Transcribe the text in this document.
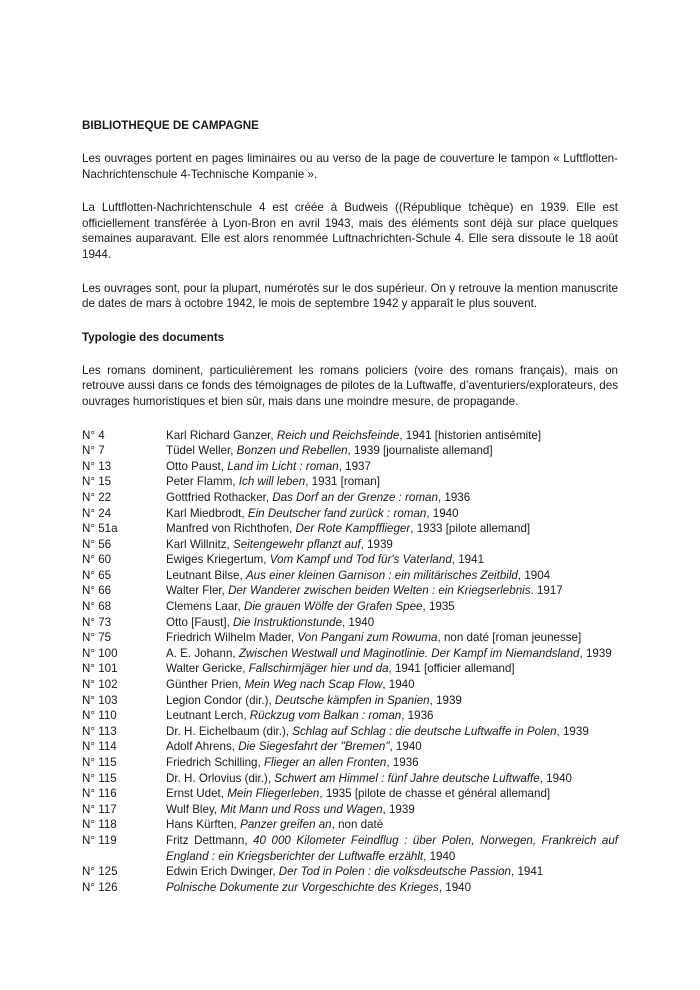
BIBLIOTHEQUE DE CAMPAGNE

Les ouvrages portent en pages liminaires ou au verso de la page de couverture le tampon « Luftflotten-Nachrichtenschule 4-Technische Kompanie ».

La Luftflotten-Nachrichtenschule 4 est créée à Budweis ((République tchèque) en 1939. Elle est officiellement transférée à Lyon-Bron en avril 1943, mais des éléments sont déjà sur place quelques semaines auparavant. Elle est alors renommée Luftnachrichten-Schule 4. Elle sera dissoute le 18 août 1944.

Les ouvrages sont, pour la plupart, numérotés sur le dos supérieur. On y retrouve la mention manuscrite de dates de mars à octobre 1942, le mois de septembre 1942 y apparaît le plus souvent.

Typologie des documents

Les romans dominent, particulièrement les romans policiers (voire des romans français), mais on retrouve aussi dans ce fonds des témoignages de pilotes de la Luftwaffe, d’aventuriers/explorateurs, des ouvrages humoristiques et bien sûr, mais dans une moindre mesure, de propagande.

N° 4	Karl Richard Ganzer, Reich und Reichsfeinde, 1941 [historien antisémite]
N° 7	Tüdel Weller, Bonzen und Rebellen, 1939 [journaliste allemand]
N° 13	Otto Paust, Land im Licht : roman, 1937
N° 15	Peter Flamm, Ich will leben, 1931 [roman]
N° 22	Gottfried Rothacker, Das Dorf an der Grenze : roman, 1936
N° 24	Karl Miedbrodt, Ein Deutscher fand zurück : roman, 1940
N° 51a	Manfred von Richthofen, Der Rote Kampfflieger, 1933 [pilote allemand]
N° 56	Karl Willnitz, Seitengewehr pflanzt auf, 1939
N° 60	Ewiges Kriegertum, Vom Kampf und Tod für's Vaterland, 1941
N° 65	Leutnant Bilse, Aus einer kleinen Garnison : ein militärisches Zeitbild, 1904
N° 66	Walter Fler, Der Wanderer zwischen beiden Welten : ein Kriegserlebnis. 1917
N° 68	Clemens Laar, Die grauen Wölfe der Grafen Spee, 1935
N° 73	Otto [Faust], Die Instruktionstunde, 1940
N° 75	Friedrich Wilhelm Mader, Von Pangani zum Rowuma, non daté [roman jeunesse]
N° 100	A. E. Johann, Zwischen Westwall und Maginotlinie. Der Kampf im Niemandsland, 1939
N° 101	Walter Gericke, Fallschirmjäger hier und da, 1941 [officier allemand]
N° 102	Günther Prien, Mein Weg nach Scap Flow, 1940
N° 103	Legion Condor (dir.), Deutsche kämpfen in Spanien, 1939
N° 110	Leutnant Lerch, Rückzug vom Balkan : roman, 1936
N° 113	Dr. H. Eichelbaum (dir.), Schlag auf Schlag : die deutsche Luftwaffe in Polen, 1939
N° 114	Adolf Ahrens, Die Siegesfahrt der "Bremen", 1940
N° 115	Friedrich Schilling, Flieger an allen Fronten, 1936
N° 115	Dr. H. Orlovius (dir.), Schwert am Himmel : fünf Jahre deutsche Luftwaffe, 1940
N° 116	Ernst Udet, Mein Fliegerleben, 1935 [pilote de chasse et général allemand]
N° 117	Wulf Bley, Mit Mann und Ross und Wagen, 1939
N° 118	Hans Kürften, Panzer greifen an, non daté
N° 119	Fritz Dettmann, 40 000 Kilometer Feindflug : über Polen, Norwegen, Frankreich auf England : ein Kriegsberichter der Luftwaffe erzählt, 1940
N° 125	Edwin Erich Dwinger, Der Tod in Polen : die volksdeutsche Passion, 1941
N° 126	Polnische Dokumente zur Vorgeschichte des Krieges, 1940
